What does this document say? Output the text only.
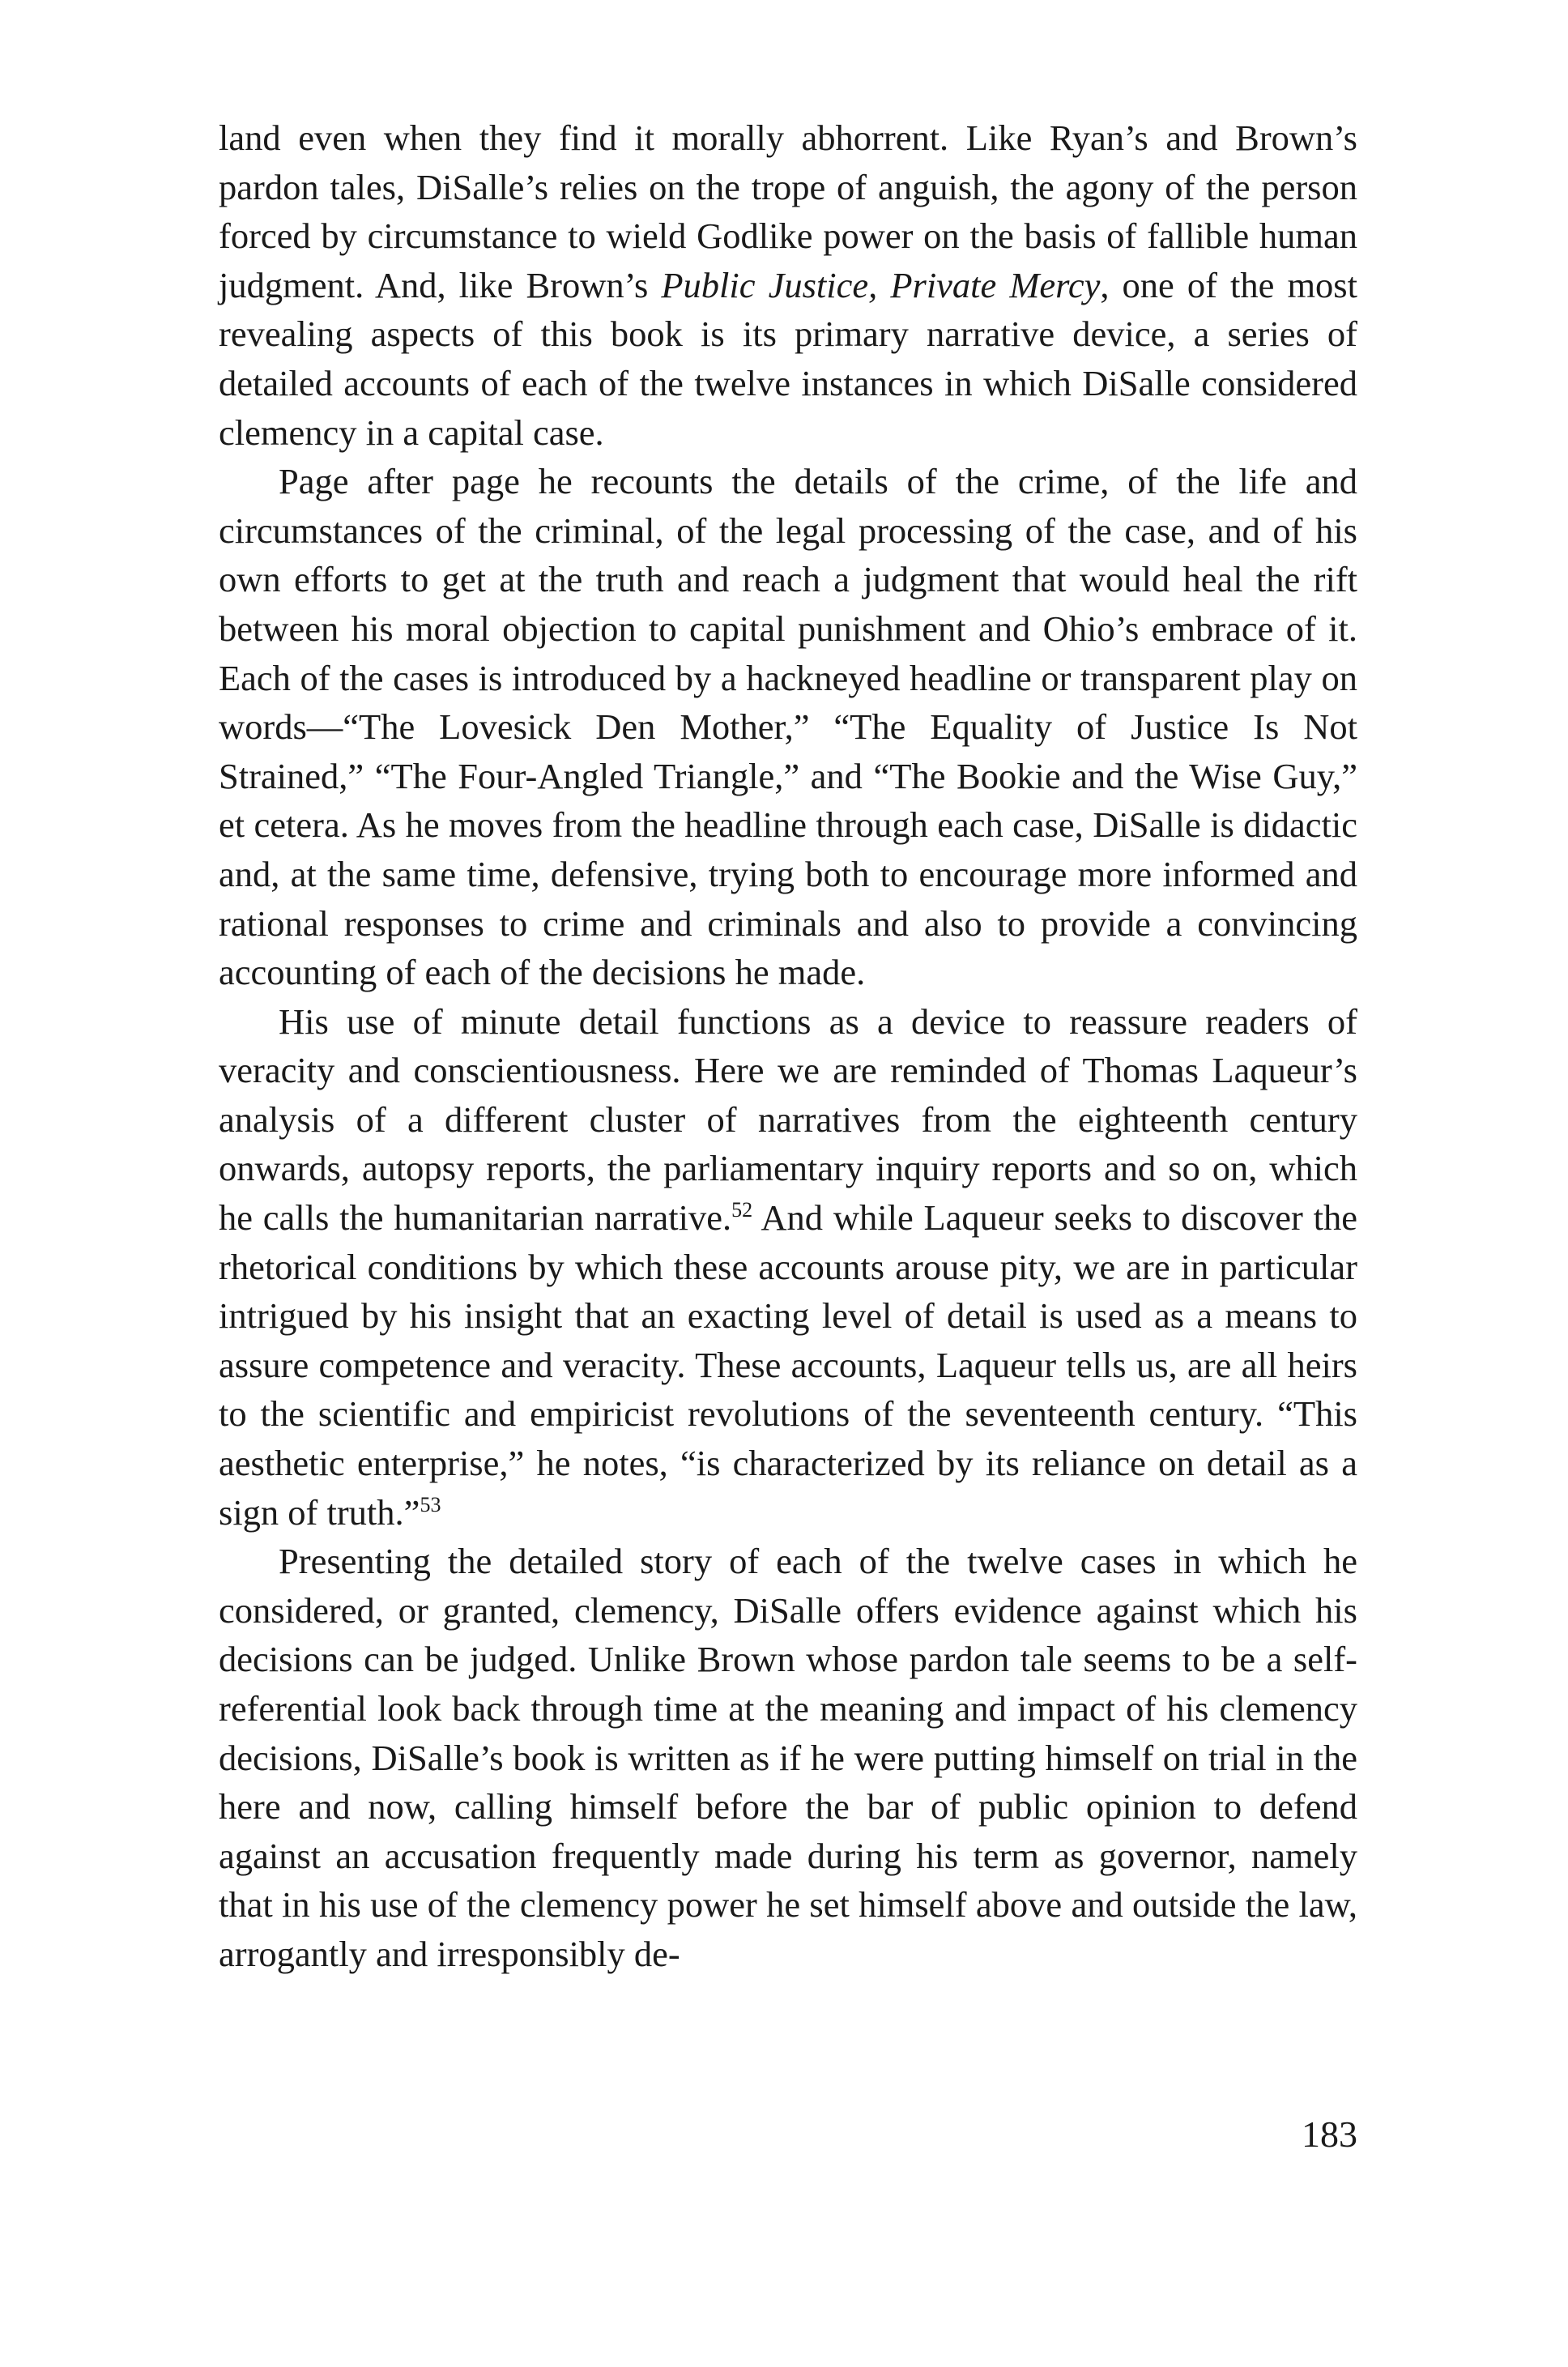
land even when they find it morally abhorrent. Like Ryan’s and Brown’s pardon tales, DiSalle’s relies on the trope of anguish, the agony of the person forced by circumstance to wield Godlike power on the basis of fallible human judgment. And, like Brown’s Public Justice, Private Mercy, one of the most revealing aspects of this book is its primary narrative device, a series of detailed accounts of each of the twelve instances in which DiSalle considered clemency in a capital case.

Page after page he recounts the details of the crime, of the life and circumstances of the criminal, of the legal processing of the case, and of his own efforts to get at the truth and reach a judgment that would heal the rift between his moral objection to capital punishment and Ohio’s embrace of it. Each of the cases is introduced by a hackneyed headline or transparent play on words—“The Lovesick Den Mother,” “The Equality of Justice Is Not Strained,” “The Four-Angled Triangle,” and “The Bookie and the Wise Guy,” et cetera. As he moves from the headline through each case, DiSalle is didactic and, at the same time, defensive, trying both to encourage more informed and rational responses to crime and criminals and also to provide a convincing accounting of each of the decisions he made.

His use of minute detail functions as a device to reassure readers of veracity and conscientiousness. Here we are reminded of Thomas Laqueur’s analysis of a different cluster of narratives from the eighteenth century onwards, autopsy reports, the parliamentary inquiry reports and so on, which he calls the humanitarian narrative.$^{52}$ And while Laqueur seeks to discover the rhetorical conditions by which these accounts arouse pity, we are in particular intrigued by his insight that an exacting level of detail is used as a means to assure competence and veracity. These accounts, Laqueur tells us, are all heirs to the scientific and empiricist revolutions of the seventeenth century. “This aesthetic enterprise,” he notes, “is characterized by its reliance on detail as a sign of truth.”$^{53}$

Presenting the detailed story of each of the twelve cases in which he considered, or granted, clemency, DiSalle offers evidence against which his decisions can be judged. Unlike Brown whose pardon tale seems to be a self-referential look back through time at the meaning and impact of his clemency decisions, DiSalle’s book is written as if he were putting himself on trial in the here and now, calling himself before the bar of public opinion to defend against an accusation frequently made during his term as governor, namely that in his use of the clemency power he set himself above and outside the law, arrogantly and irresponsibly de-

183
